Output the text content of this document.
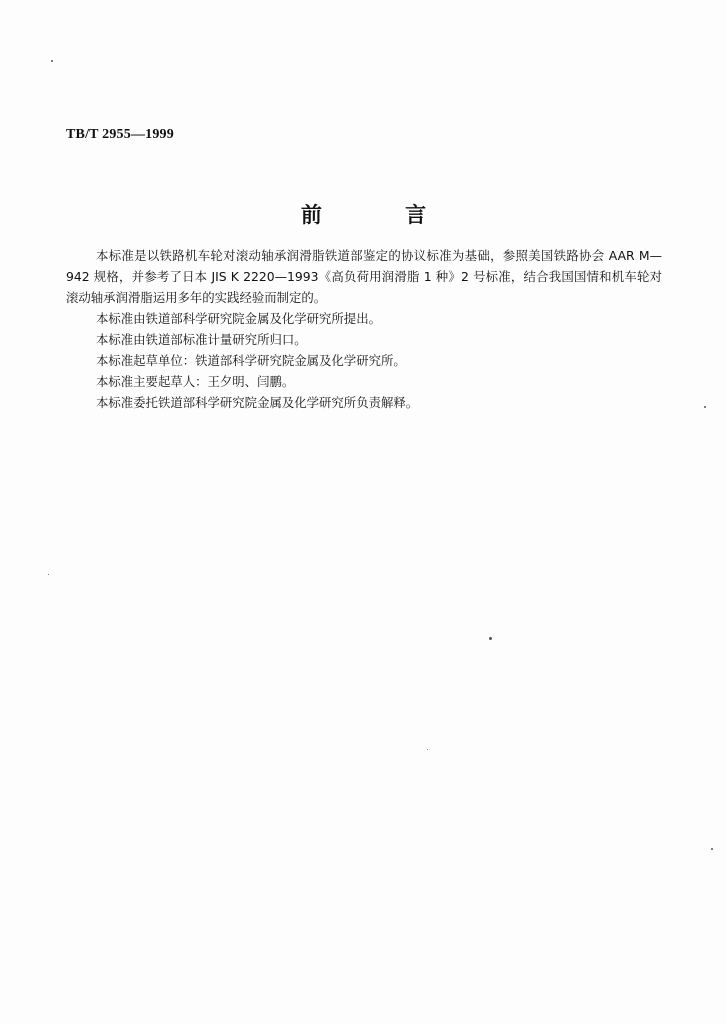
TB/T 2955—1999
前 言

本标准是以铁路机车轮对滚动轴承润滑脂铁道部鉴定的协议标准为基础，参照美国铁路协会 AAR M—942 规格，并参考了日本 JIS K 2220—1993《高负荷用润滑脂 1 种》2 号标准，结合我国国情和机车轮对滚动轴承润滑脂运用多年的实践经验而制定的。

本标准由铁道部科学研究院金属及化学研究所提出。

本标准由铁道部标准计量研究所归口。

本标准起草单位：铁道部科学研究院金属及化学研究所。

本标准主要起草人：王夕明、闫鹏。

本标准委托铁道部科学研究院金属及化学研究所负责解释。
